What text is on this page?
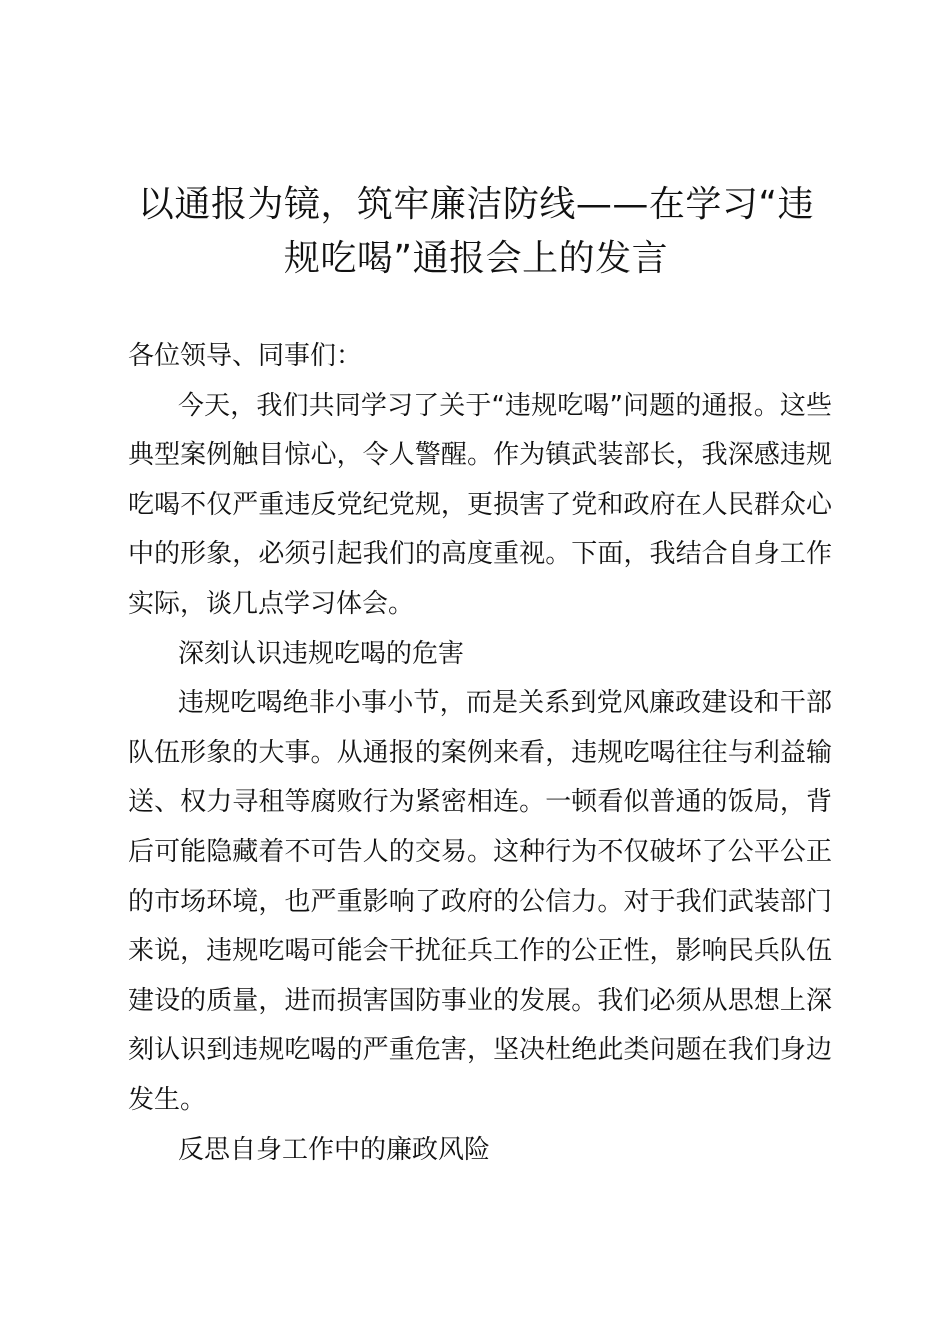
以通报为镜，筑牢廉洁防线——在学习“违规吃喝”通报会上的发言

各位领导、同事们：

今天，我们共同学习了关于“违规吃喝”问题的通报。这些典型案例触目惊心，令人警醒。作为镇武装部长，我深感违规吃喝不仅严重违反党纪党规，更损害了党和政府在人民群众心中的形象，必须引起我们的高度重视。下面，我结合自身工作实际，谈几点学习体会。

深刻认识违规吃喝的危害

违规吃喝绝非小事小节，而是关系到党风廉政建设和干部队伍形象的大事。从通报的案例来看，违规吃喝往往与利益输送、权力寻租等腐败行为紧密相连。一顿看似普通的饭局，背后可能隐藏着不可告人的交易。这种行为不仅破坏了公平公正的市场环境，也严重影响了政府的公信力。对于我们武装部门来说，违规吃喝可能会干扰征兵工作的公正性，影响民兵队伍建设的质量，进而损害国防事业的发展。我们必须从思想上深刻认识到违规吃喝的严重危害，坚决杜绝此类问题在我们身边发生。

反思自身工作中的廉政风险
